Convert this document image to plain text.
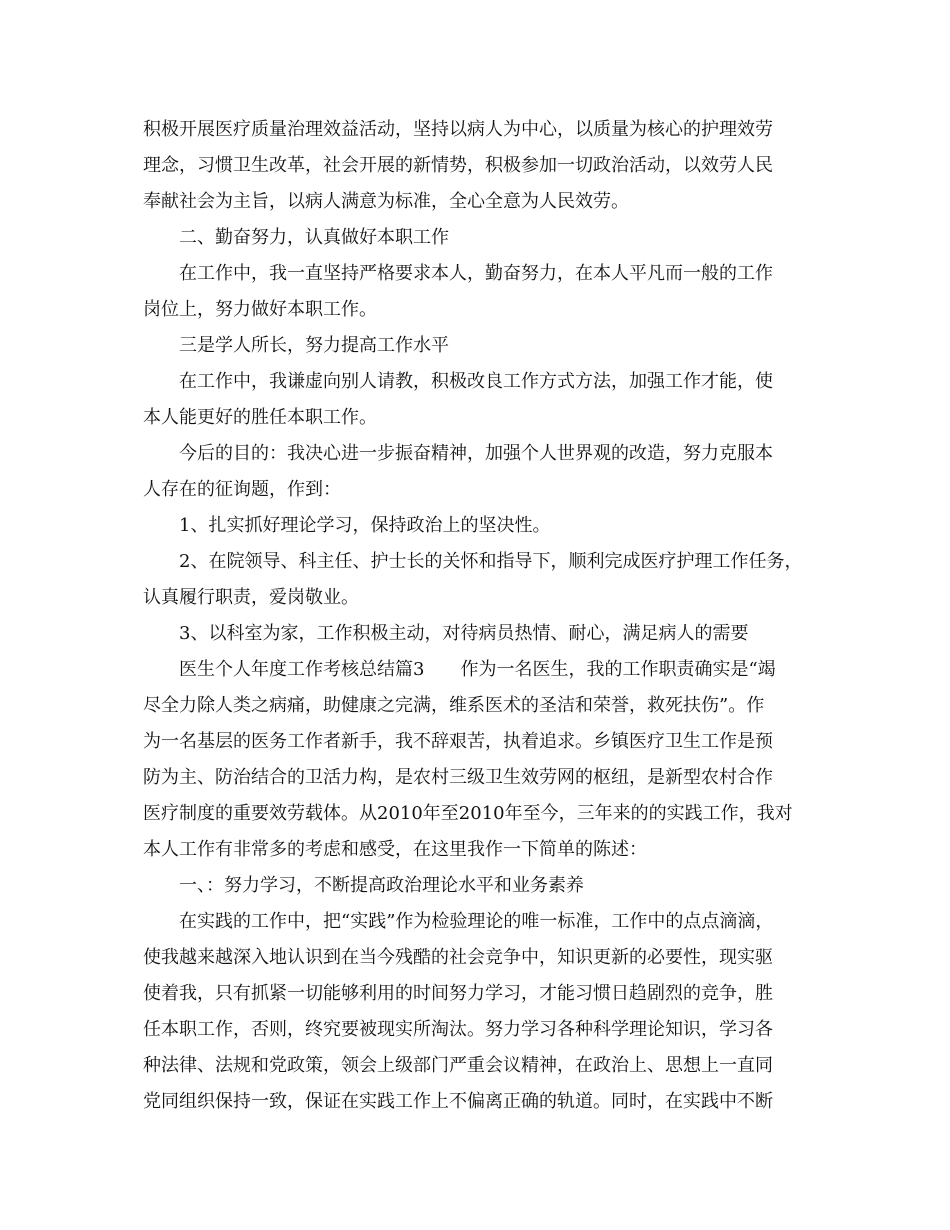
积极开展医疗质量治理效益活动，坚持以病人为中心，以质量为核心的护理效劳
理念，习惯卫生改革，社会开展的新情势，积极参加一切政治活动，以效劳人民
奉献社会为主旨，以病人满意为标准，全心全意为人民效劳。
二、勤奋努力，认真做好本职工作
在工作中，我一直坚持严格要求本人，勤奋努力，在本人平凡而一般的工作
岗位上，努力做好本职工作。
三是学人所长，努力提高工作水平
在工作中，我谦虚向别人请教，积极改良工作方式方法，加强工作才能，使
本人能更好的胜任本职工作。
今后的目的：我决心进一步振奋精神，加强个人世界观的改造，努力克服本
人存在的征询题，作到：
1、扎实抓好理论学习，保持政治上的坚决性。
2、在院领导、科主任、护士长的关怀和指导下，顺利完成医疗护理工作任务，
认真履行职责，爱岗敬业。
3、以科室为家，工作积极主动，对待病员热情、耐心，满足病人的需要
医生个人年度工作考核总结篇3　　作为一名医生，我的工作职责确实是“竭
尽全力除人类之病痛，助健康之完满，维系医术的圣洁和荣誉，救死扶伤”。作
为一名基层的医务工作者新手，我不辞艰苦，执着追求。乡镇医疗卫生工作是预
防为主、防治结合的卫活力构，是农村三级卫生效劳网的枢纽，是新型农村合作
医疗制度的重要效劳载体。从2010年至2010年至今，三年来的的实践工作，我对
本人工作有非常多的考虑和感受，在这里我作一下简单的陈述：
一、：努力学习，不断提高政治理论水平和业务素养
在实践的工作中，把“实践”作为检验理论的唯一标准，工作中的点点滴滴，
使我越来越深入地认识到在当今残酷的社会竞争中，知识更新的必要性，现实驱
使着我，只有抓紧一切能够利用的时间努力学习，才能习惯日趋剧烈的竞争，胜
任本职工作，否则，终究要被现实所淘汰。努力学习各种科学理论知识，学习各
种法律、法规和党政策，领会上级部门严重会议精神，在政治上、思想上一直同
党同组织保持一致，保证在实践工作上不偏离正确的轨道。同时，在实践中不断
